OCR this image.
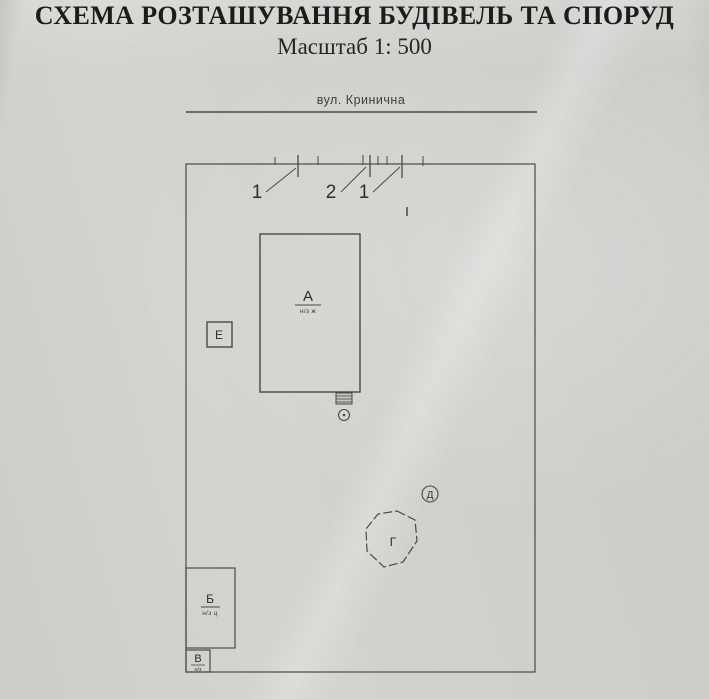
СХЕМА РОЗТАШУВАННЯ БУДІВЕЛЬ ТА СПОРУД
Масштаб 1: 500
вул. Кринична
1	2 1
А
н/з ж
Е
Д
Г
Б
н/з ц
В
н/з
